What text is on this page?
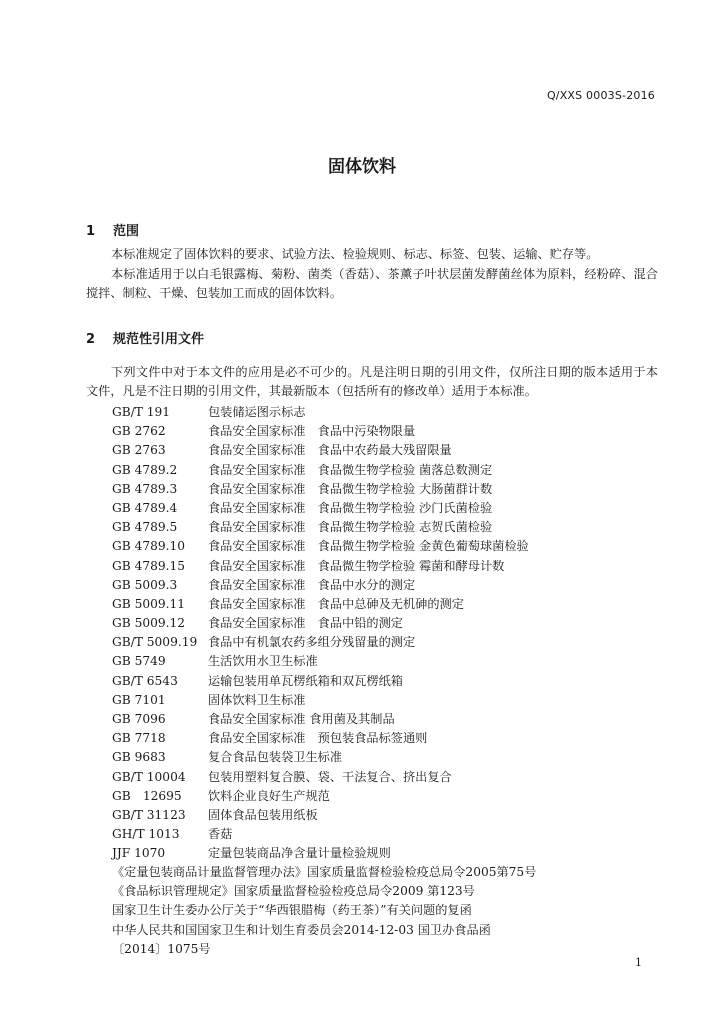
Q/XXS 0003S-2016
固体饮料
1 范围
本标准规定了固体饮料的要求、试验方法、检验规则、标志、标签、包装、运输、贮存等。
本标准适用于以白毛银露梅、菊粉、菌类（香菇）、茶薰子叶状层菌发酵菌丝体为原料，经粉碎、混合搅拌、制粒、干燥、包装加工而成的固体饮料。
2 规范性引用文件
下列文件中对于本文件的应用是必不可少的。凡是注明日期的引用文件，仅所注日期的版本适用于本文件，凡是不注日期的引用文件，其最新版本（包括所有的修改单）适用于本标准。
GB/T 191	包装储运图示标志
GB 2762	食品安全国家标准　食品中污染物限量
GB 2763	食品安全国家标准　食品中农药最大残留限量
GB 4789.2	食品安全国家标准　食品微生物学检验 菌落总数测定
GB 4789.3	食品安全国家标准　食品微生物学检验 大肠菌群计数
GB 4789.4	食品安全国家标准　食品微生物学检验 沙门氏菌检验
GB 4789.5	食品安全国家标准　食品微生物学检验 志贺氏菌检验
GB 4789.10	食品安全国家标准　食品微生物学检验 金黄色葡萄球菌检验
GB 4789.15	食品安全国家标准　食品微生物学检验 霉菌和酵母计数
GB 5009.3	食品安全国家标准　食品中水分的测定
GB 5009.11	食品安全国家标准　食品中总砷及无机砷的测定
GB 5009.12	食品安全国家标准　食品中铅的测定
GB/T 5009.19 食品中有机氯农药多组分残留量的测定
GB 5749	生活饮用水卫生标准
GB/T 6543	运输包装用单瓦楞纸箱和双瓦楞纸箱
GB 7101	固体饮料卫生标准
GB 7096	食品安全国家标准 食用菌及其制品
GB 7718	食品安全国家标准　预包装食品标签通则
GB 9683	复合食品包装袋卫生标准
GB/T 10004	包装用塑料复合膜、袋、干法复合、挤出复合
GB　12695	饮料企业良好生产规范
GB/T 31123	固体食品包装用纸板
GH/T 1013	香菇
JJF 1070	定量包装商品净含量计量检验规则
《定量包装商品计量监督管理办法》国家质量监督检验检疫总局令2005第75号
《食品标识管理规定》国家质量监督检验检疫总局令2009 第123号
国家卫生计生委办公厅关于“华西银腊梅（药王茶）”有关问题的复函
中华人民共和国国家卫生和计划生育委员会2014-12-03 国卫办食品函
〔2014〕1075号
1
